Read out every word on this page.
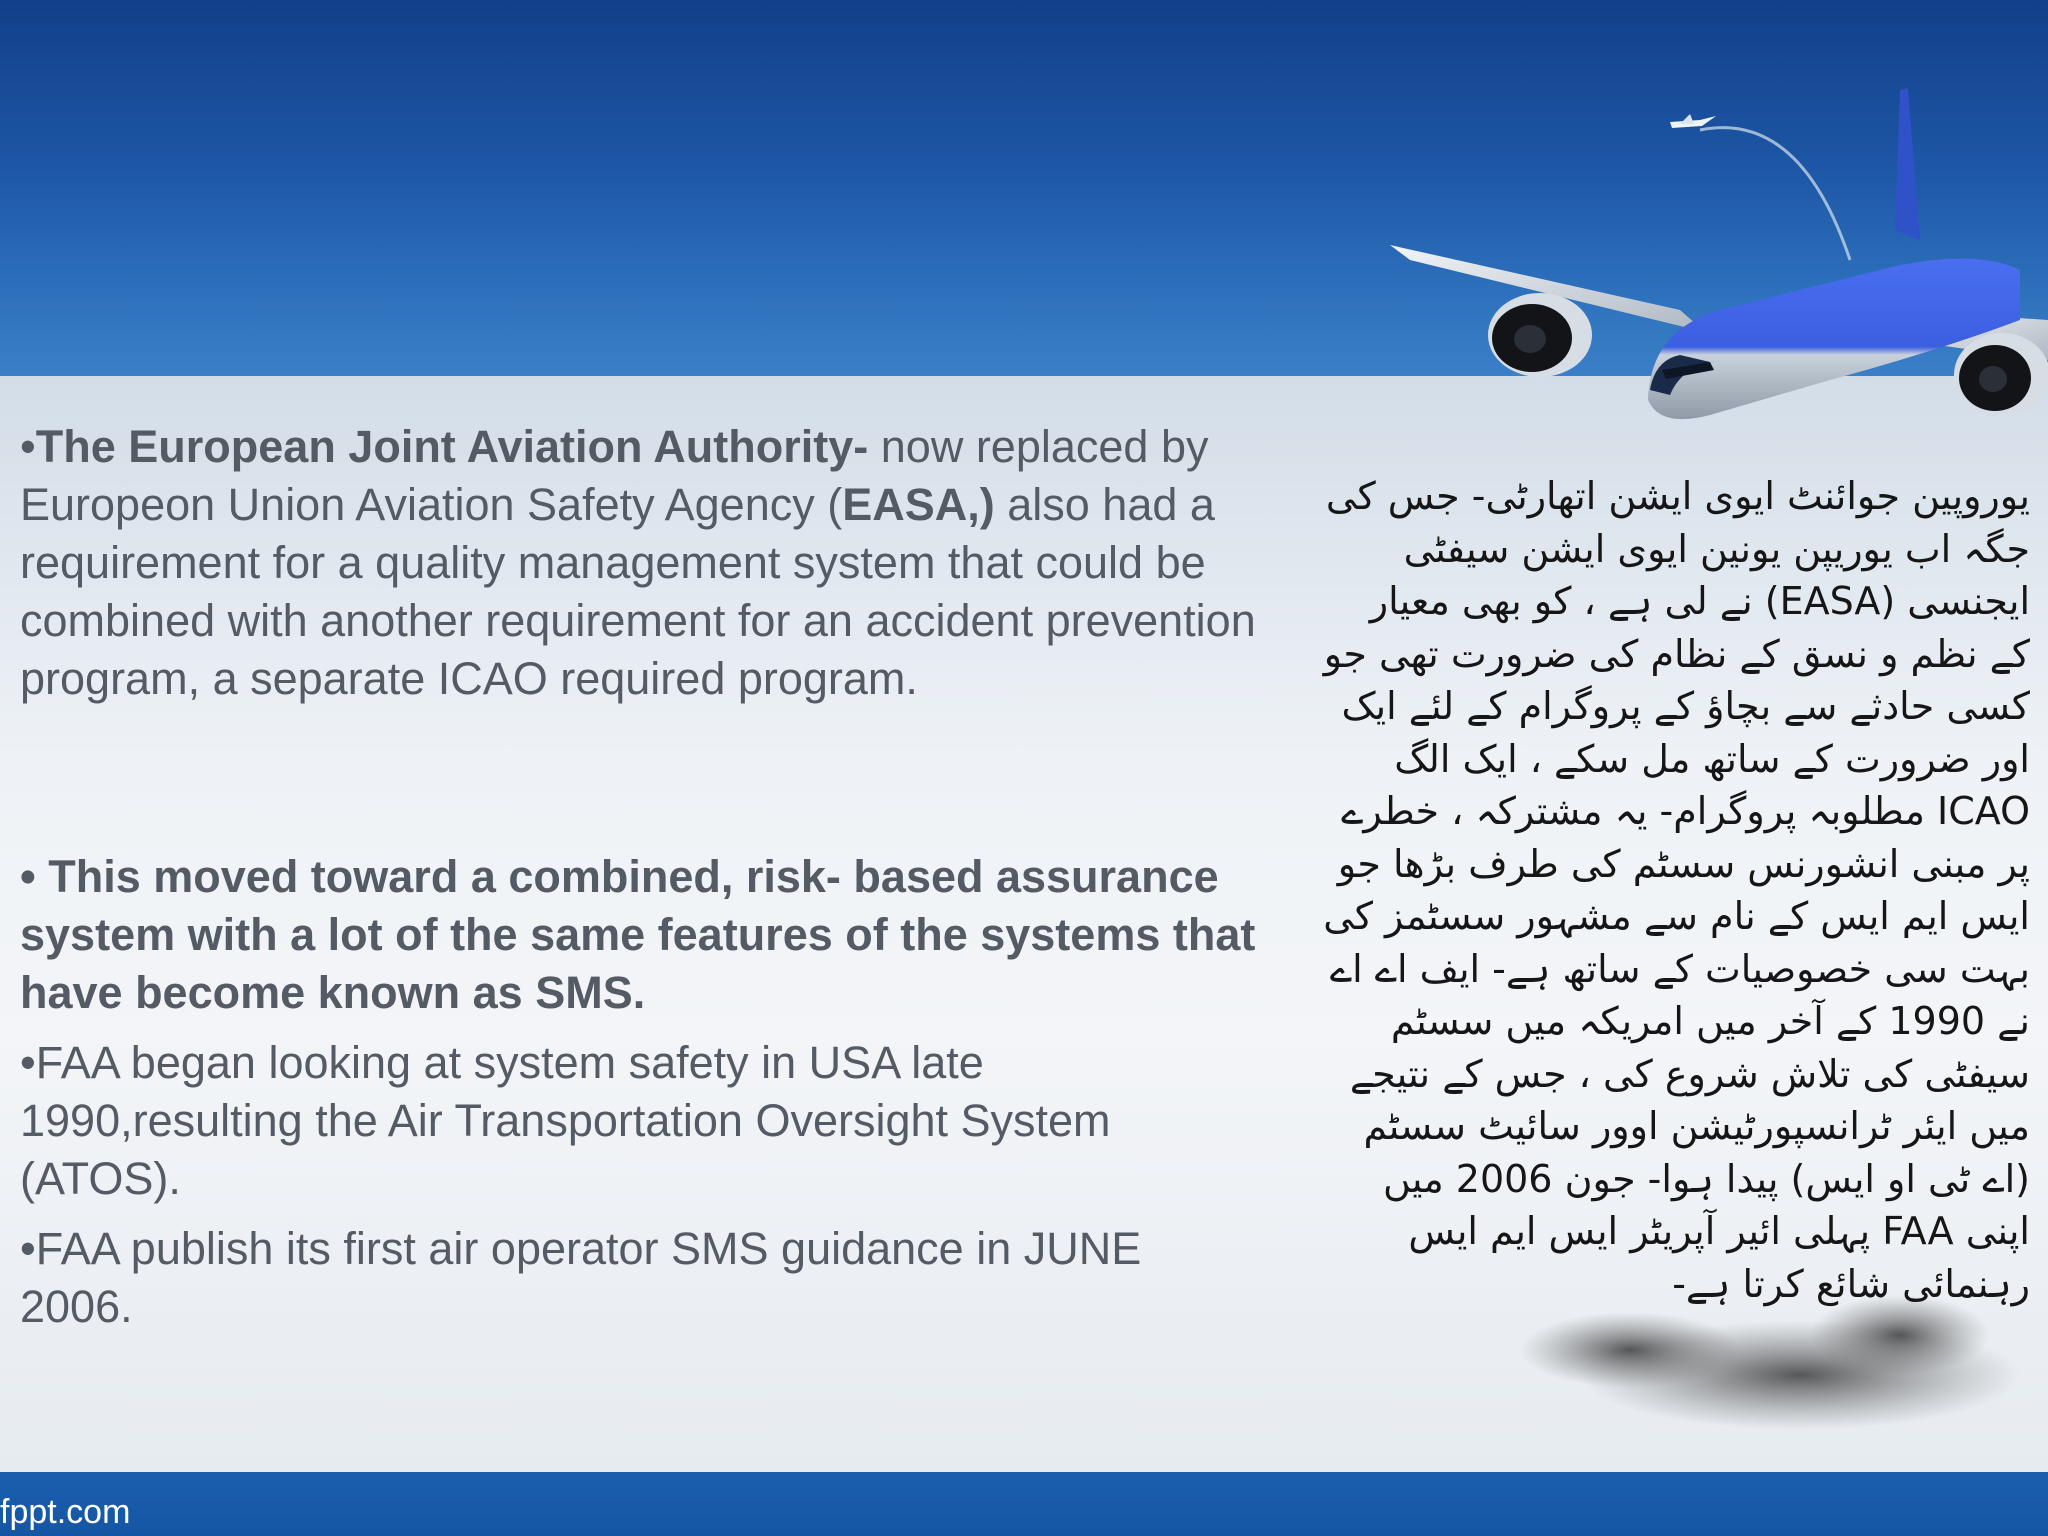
•The European Joint Aviation Authority- now replaced by Europeon Union Aviation Safety Agency (EASA,) also had a requirement for a quality management system that could be combined with another requirement for an accident prevention program, a separate ICAO required program.

• This moved toward a combined, risk- based assurance system with a lot of the same features of the systems that have become known as SMS.

•FAA began looking at system safety in USA late 1990,resulting the Air Transportation Oversight System (ATOS).

•FAA publish its first air operator SMS guidance in JUNE 2006.

یوروپین جوائنٹ ایوی ایشن اتھارٹی- جس کی جگہ اب یوریپن یونین ایوی ایشن سیفٹی ایجنسی (EASA) نے لی ہے ، کو بھی معیار کے نظم و نسق کے نظام کی ضرورت تھی جو کسی حادثے سے بچاؤ کے پروگرام کے لئے ایک اور ضرورت کے ساتھ مل سکے ، ایک الگ ICAO مطلوبہ پروگرام- یہ مشترکہ ، خطرے پر مبنی انشورنس سسٹم کی طرف بڑھا جو ایس ایم ایس کے نام سے مشہور سسٹمز کی بہت سی خصوصیات کے ساتھ ہے- ایف اے اے نے 1990 کے آخر میں امریکہ میں سسٹم سیفٹی کی تلاش شروع کی ، جس کے نتیجے میں ایئر ٹرانسپورٹیشن اوور سائیٹ سسٹم (اے ٹی او ایس) پیدا ہوا- جون 2006 میں اپنی FAA پہلی ائیر آپریٹر ایس ایم ایس رہنمائی شائع کرتا ہے-

fppt.com
